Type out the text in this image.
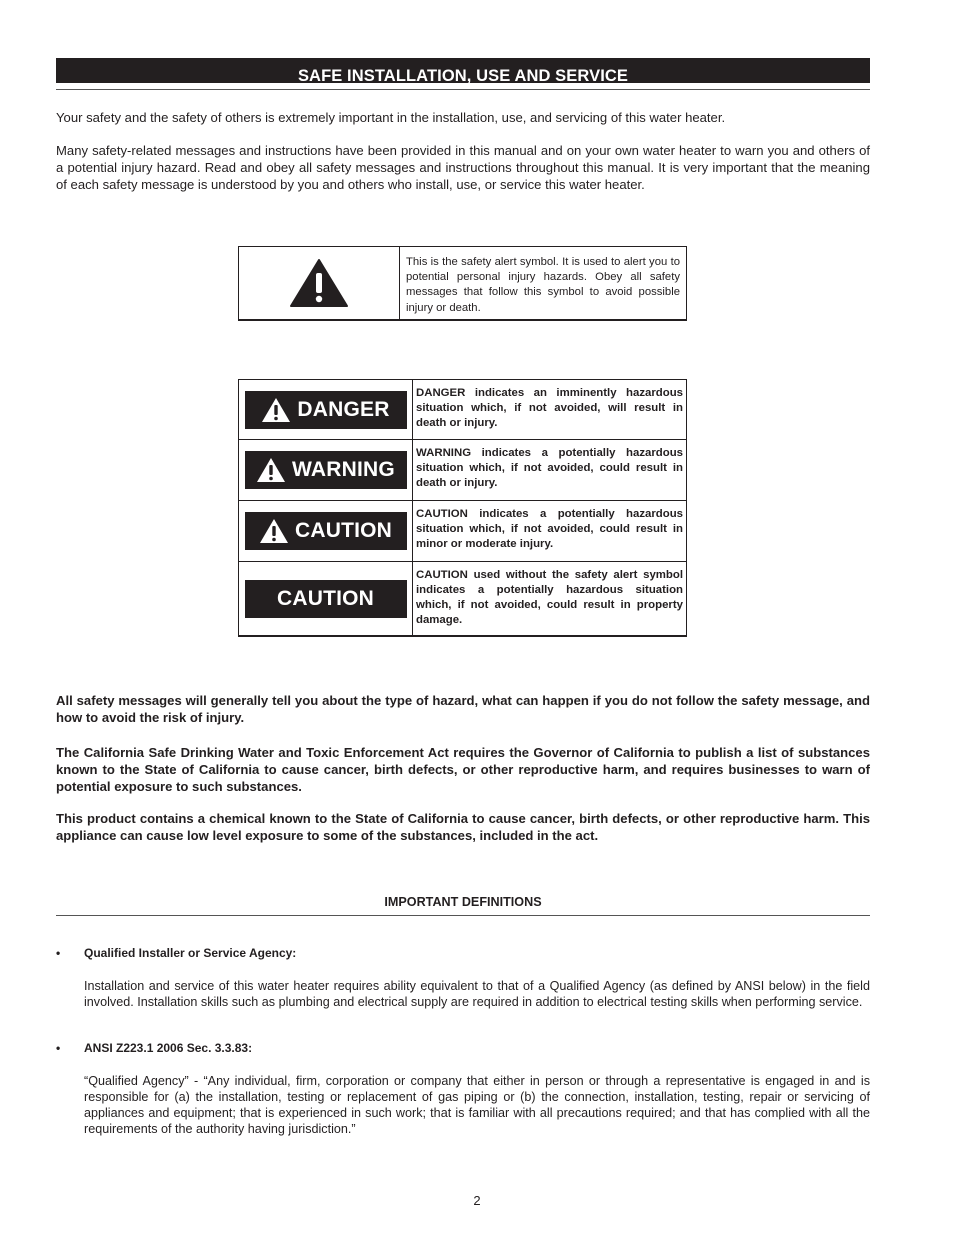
SAFE INSTALLATION, USE AND SERVICE

Your safety and the safety of others is extremely important in the installation, use, and servicing of this water heater.

Many safety-related messages and instructions have been provided in this manual and on your own water heater to warn you and others of a potential injury hazard. Read and obey all safety messages and instructions throughout this manual. It is very important that the meaning of each safety message is understood by you and others who install, use, or service this water heater.

This is the safety alert symbol. It is used to alert you to potential personal injury hazards. Obey all safety messages that follow this symbol to avoid possible injury or death.
DANGER
DANGER indicates an imminently hazardous situation which, if not avoided, will result in death or injury.
WARNING
WARNING indicates a potentially hazardous situation which, if not avoided, could result in death or injury.
CAUTION
CAUTION indicates a potentially hazardous situation which, if not avoided, could result in minor or moderate injury.
CAUTION
CAUTION used without the safety alert symbol indicates a potentially hazardous situation which, if not avoided, could result in property damage.

All safety messages will generally tell you about the type of hazard, what can happen if you do not follow the safety message, and how to avoid the risk of injury.

The California Safe Drinking Water and Toxic Enforcement Act requires the Governor of California to publish a list of substances known to the State of California to cause cancer, birth defects, or other reproductive harm, and requires businesses to warn of potential exposure to such substances.

This product contains a chemical known to the State of California to cause cancer, birth defects, or other reproductive harm. This appliance can cause low level exposure to some of the substances, included in the act.

IMPORTANT DEFINITIONS
• Qualified Installer or Service Agency:

Installation and service of this water heater requires ability equivalent to that of a Qualified Agency (as defined by ANSI below) in the field involved. Installation skills such as plumbing and electrical supply are required in addition to electrical testing skills when performing service.

• ANSI Z223.1 2006 Sec. 3.3.83:

“Qualified Agency” - “Any individual, firm, corporation or company that either in person or through a representative is engaged in and is responsible for (a) the installation, testing or replacement of gas piping or (b) the connection, installation, testing, repair or servicing of appliances and equipment; that is experienced in such work; that is familiar with all precautions required; and that has complied with all the requirements of the authority having jurisdiction.”

2
